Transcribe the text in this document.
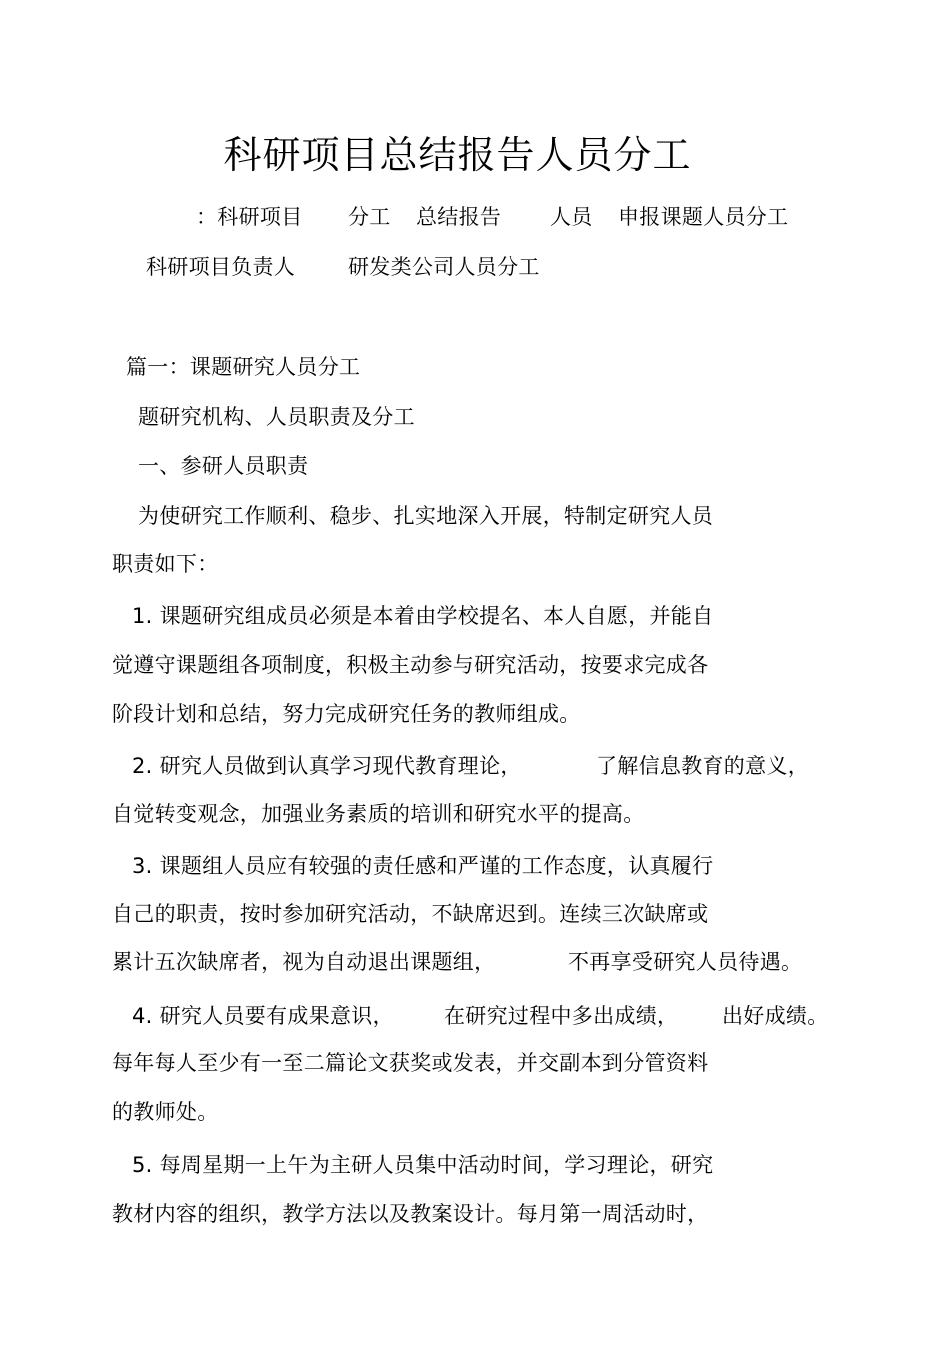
科研项目总结报告人员分工
：科研项目 分工 总结报告 人员 申报课题人员分工
科研项目负责人	研发类公司人员分工
篇一：课题研究人员分工
题研究机构、人员职责及分工
一、参研人员职责
为使研究工作顺利、稳步、扎实地深入开展，特制定研究人员
职责如下：
1. 课题研究组成员必须是本着由学校提名、本人自愿，并能自
觉遵守课题组各项制度，积极主动参与研究活动，按要求完成各
阶段计划和总结，努力完成研究任务的教师组成。
2. 研究人员做到认真学习现代教育理论，	了解信息教育的意义，
自觉转变观念，加强业务素质的培训和研究水平的提高。
3. 课题组人员应有较强的责任感和严谨的工作态度，认真履行
自己的职责，按时参加研究活动，不缺席迟到。连续三次缺席或
累计五次缺席者，视为自动退出课题组，	不再享受研究人员待遇。
4. 研究人员要有成果意识， 在研究过程中多出成绩， 出好成绩。
每年每人至少有一至二篇论文获奖或发表，并交副本到分管资料
的教师处。
5. 每周星期一上午为主研人员集中活动时间，学习理论，研究
教材内容的组织，教学方法以及教案设计。每月第一周活动时，
